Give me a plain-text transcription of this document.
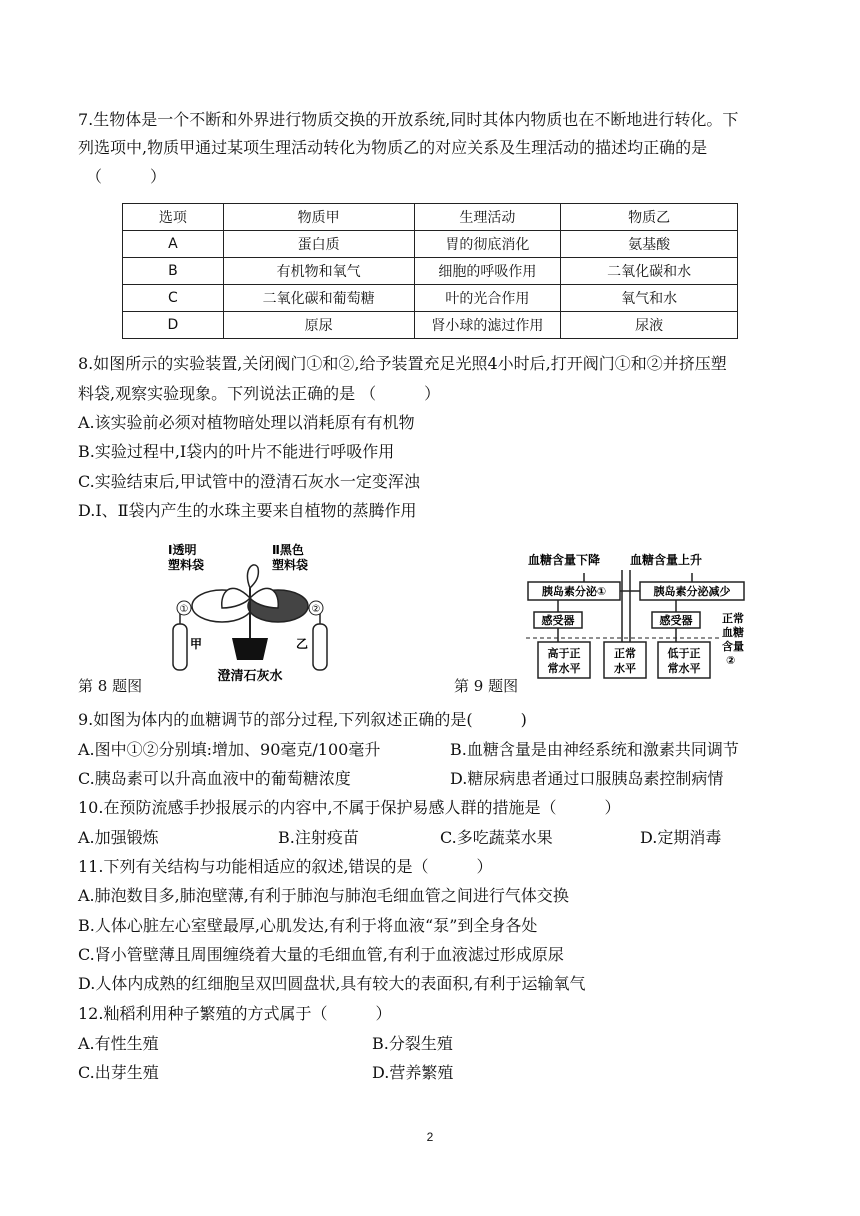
7.生物体是一个不断和外界进行物质交换的开放系统,同时其体内物质也在不断地进行转化。下
列选项中,物质甲通过某项生理活动转化为物质乙的对应关系及生理活动的描述均正确的是
（　　　）
选项	物质甲	生理活动	物质乙
A	蛋白质	胃的彻底消化	氨基酸
B	有机物和氧气	细胞的呼吸作用	二氧化碳和水
C	二氧化碳和葡萄糖	叶的光合作用	氧气和水
D	原尿	肾小球的滤过作用	尿液
8.如图所示的实验装置,关闭阀门①和②,给予装置充足光照4小时后,打开阀门①和②并挤压塑
料袋,观察实验现象。下列说法正确的是 （　　　）
A.该实验前必须对植物暗处理以消耗原有有机物
B.实验过程中,Ⅰ袋内的叶片不能进行呼吸作用
C.实验结束后,甲试管中的澄清石灰水一定变浑浊
D.Ⅰ、Ⅱ袋内产生的水珠主要来自植物的蒸腾作用
Ⅰ透明
塑料袋
Ⅱ黑色
塑料袋
①	②
甲	乙
澄清石灰水
第 8 题图
血糖含量下降 血糖含量上升
胰岛素分泌①	胰岛素分泌减少
感受器	感受器
高于正
常水平
正常
水平
低于正
常水平
正常
血糖
含量
②
第 9 题图
9.如图为体内的血糖调节的部分过程,下列叙述正确的是(　　　)
A.图中①②分别填:增加、90毫克/100毫升	B.血糖含量是由神经系统和激素共同调节
C.胰岛素可以升高血液中的葡萄糖浓度	D.糖尿病患者通过口服胰岛素控制病情
10.在预防流感手抄报展示的内容中,不属于保护易感人群的措施是（　　　）
A.加强锻炼	B.注射疫苗	C.多吃蔬菜水果	D.定期消毒
11.下列有关结构与功能相适应的叙述,错误的是（　　　）
A.肺泡数目多,肺泡壁薄,有利于肺泡与肺泡毛细血管之间进行气体交换
B.人体心脏左心室壁最厚,心肌发达,有利于将血液“泵”到全身各处
C.肾小管壁薄且周围缠绕着大量的毛细血管,有利于血液滤过形成原尿
D.人体内成熟的红细胞呈双凹圆盘状,具有较大的表面积,有利于运输氧气
12.籼稻利用种子繁殖的方式属于（　　　）
A.有性生殖	B.分裂生殖
C.出芽生殖	D.营养繁殖
2
